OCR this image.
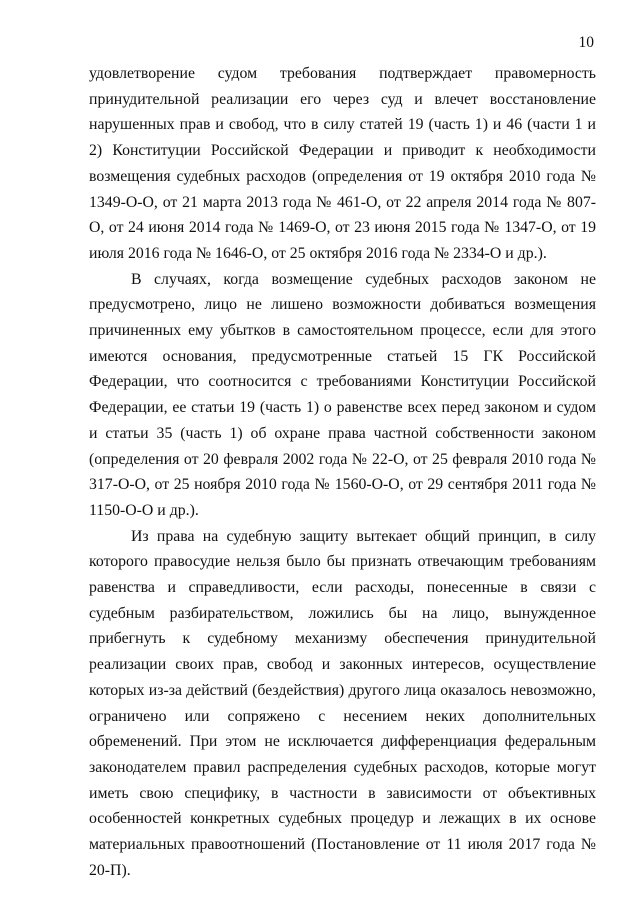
10

удовлетворение судом требования подтверждает правомерность принудительной реализации его через суд и влечет восстановление нарушенных прав и свобод, что в силу статей 19 (часть 1) и 46 (части 1 и 2) Конституции Российской Федерации и приводит к необходимости возмещения судебных расходов (определения от 19 октября 2010 года № 1349-О-О, от 21 марта 2013 года № 461-О, от 22 апреля 2014 года № 807-О, от 24 июня 2014 года № 1469-О, от 23 июня 2015 года № 1347-О, от 19 июля 2016 года № 1646-О, от 25 октября 2016 года № 2334-О и др.).

В случаях, когда возмещение судебных расходов законом не предусмотрено, лицо не лишено возможности добиваться возмещения причиненных ему убытков в самостоятельном процессе, если для этого имеются основания, предусмотренные статьей 15 ГК Российской Федерации, что соотносится с требованиями Конституции Российской Федерации, ее статьи 19 (часть 1) о равенстве всех перед законом и судом и статьи 35 (часть 1) об охране права частной собственности законом (определения от 20 февраля 2002 года № 22-О, от 25 февраля 2010 года № 317-О-О, от 25 ноября 2010 года № 1560-О-О, от 29 сентября 2011 года № 1150-О-О и др.).

Из права на судебную защиту вытекает общий принцип, в силу которого правосудие нельзя было бы признать отвечающим требованиям равенства и справедливости, если расходы, понесенные в связи с судебным разбирательством, ложились бы на лицо, вынужденное прибегнуть к судебному механизму обеспечения принудительной реализации своих прав, свобод и законных интересов, осуществление которых из-за действий (бездействия) другого лица оказалось невозможно, ограничено или сопряжено с несением неких дополнительных обременений. При этом не исключается дифференциация федеральным законодателем правил распределения судебных расходов, которые могут иметь свою специфику, в частности в зависимости от объективных особенностей конкретных судебных процедур и лежащих в их основе материальных правоотношений (Постановление от 11 июля 2017 года № 20-П).
